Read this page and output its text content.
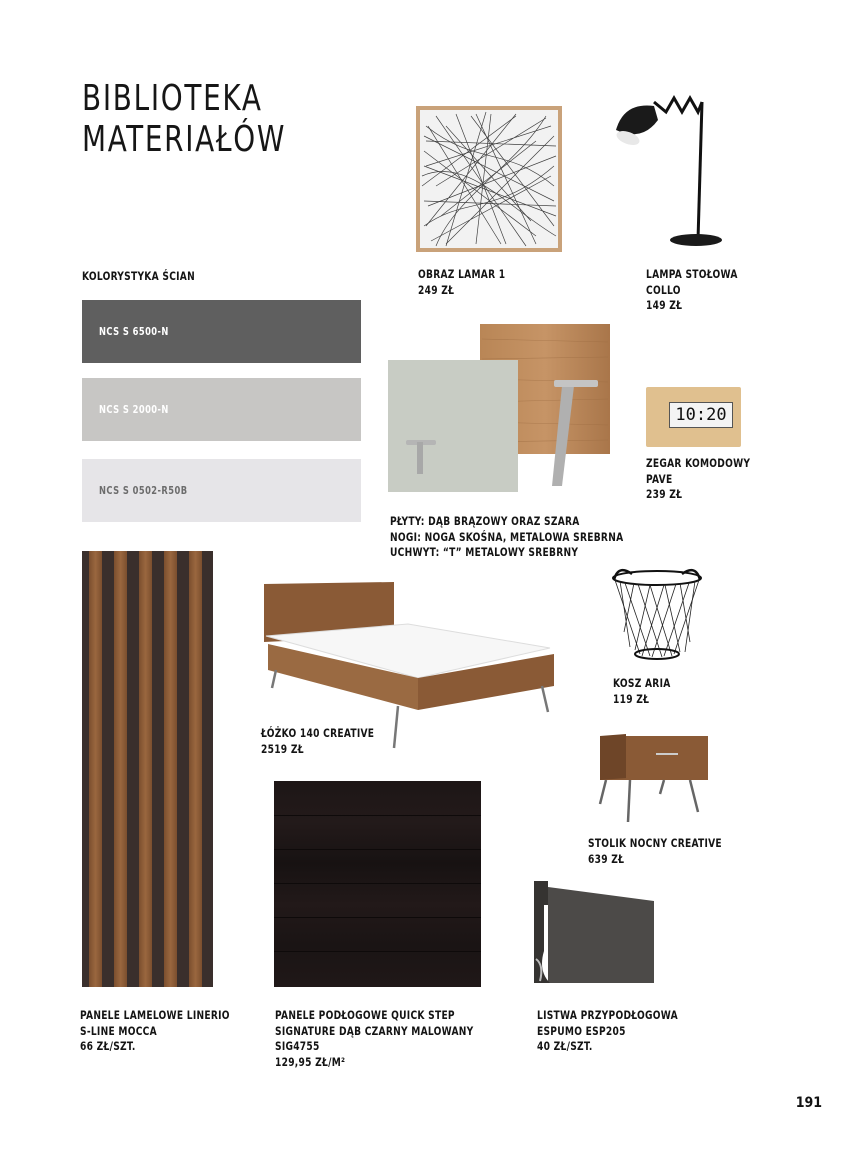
BIBLIOTEKA
MATERIAŁÓW
KOLORYSTYKA ŚCIAN
NCS S 6500-N
NCS S 2000-N
NCS S 0502-R50B
OBRAZ LAMAR 1
249 ZŁ
LAMPA STOŁOWA
COLLO
149 ZŁ
PŁYTY: DĄB BRĄZOWY ORAZ SZARA
NOGI: NOGA SKOŚNA, METALOWA SREBRNA
UCHWYT: “T” METALOWY SREBRNY
10:20
ZEGAR KOMODOWY
PAVE
239 ZŁ
PANELE LAMELOWE LINERIO
S-LINE MOCCA
66 ZŁ/SZT.
ŁÓŻKO 140 CREATIVE
2519 ZŁ
KOSZ ARIA
119 ZŁ
STOLIK NOCNY CREATIVE
639 ZŁ
PANELE PODŁOGOWE QUICK STEP
SIGNATURE DĄB CZARNY MALOWANY
SIG4755
129,95 ZŁ/M²
LISTWA PRZYPODŁOGOWA
ESPUMO ESP205
40 ZŁ/SZT.
191
